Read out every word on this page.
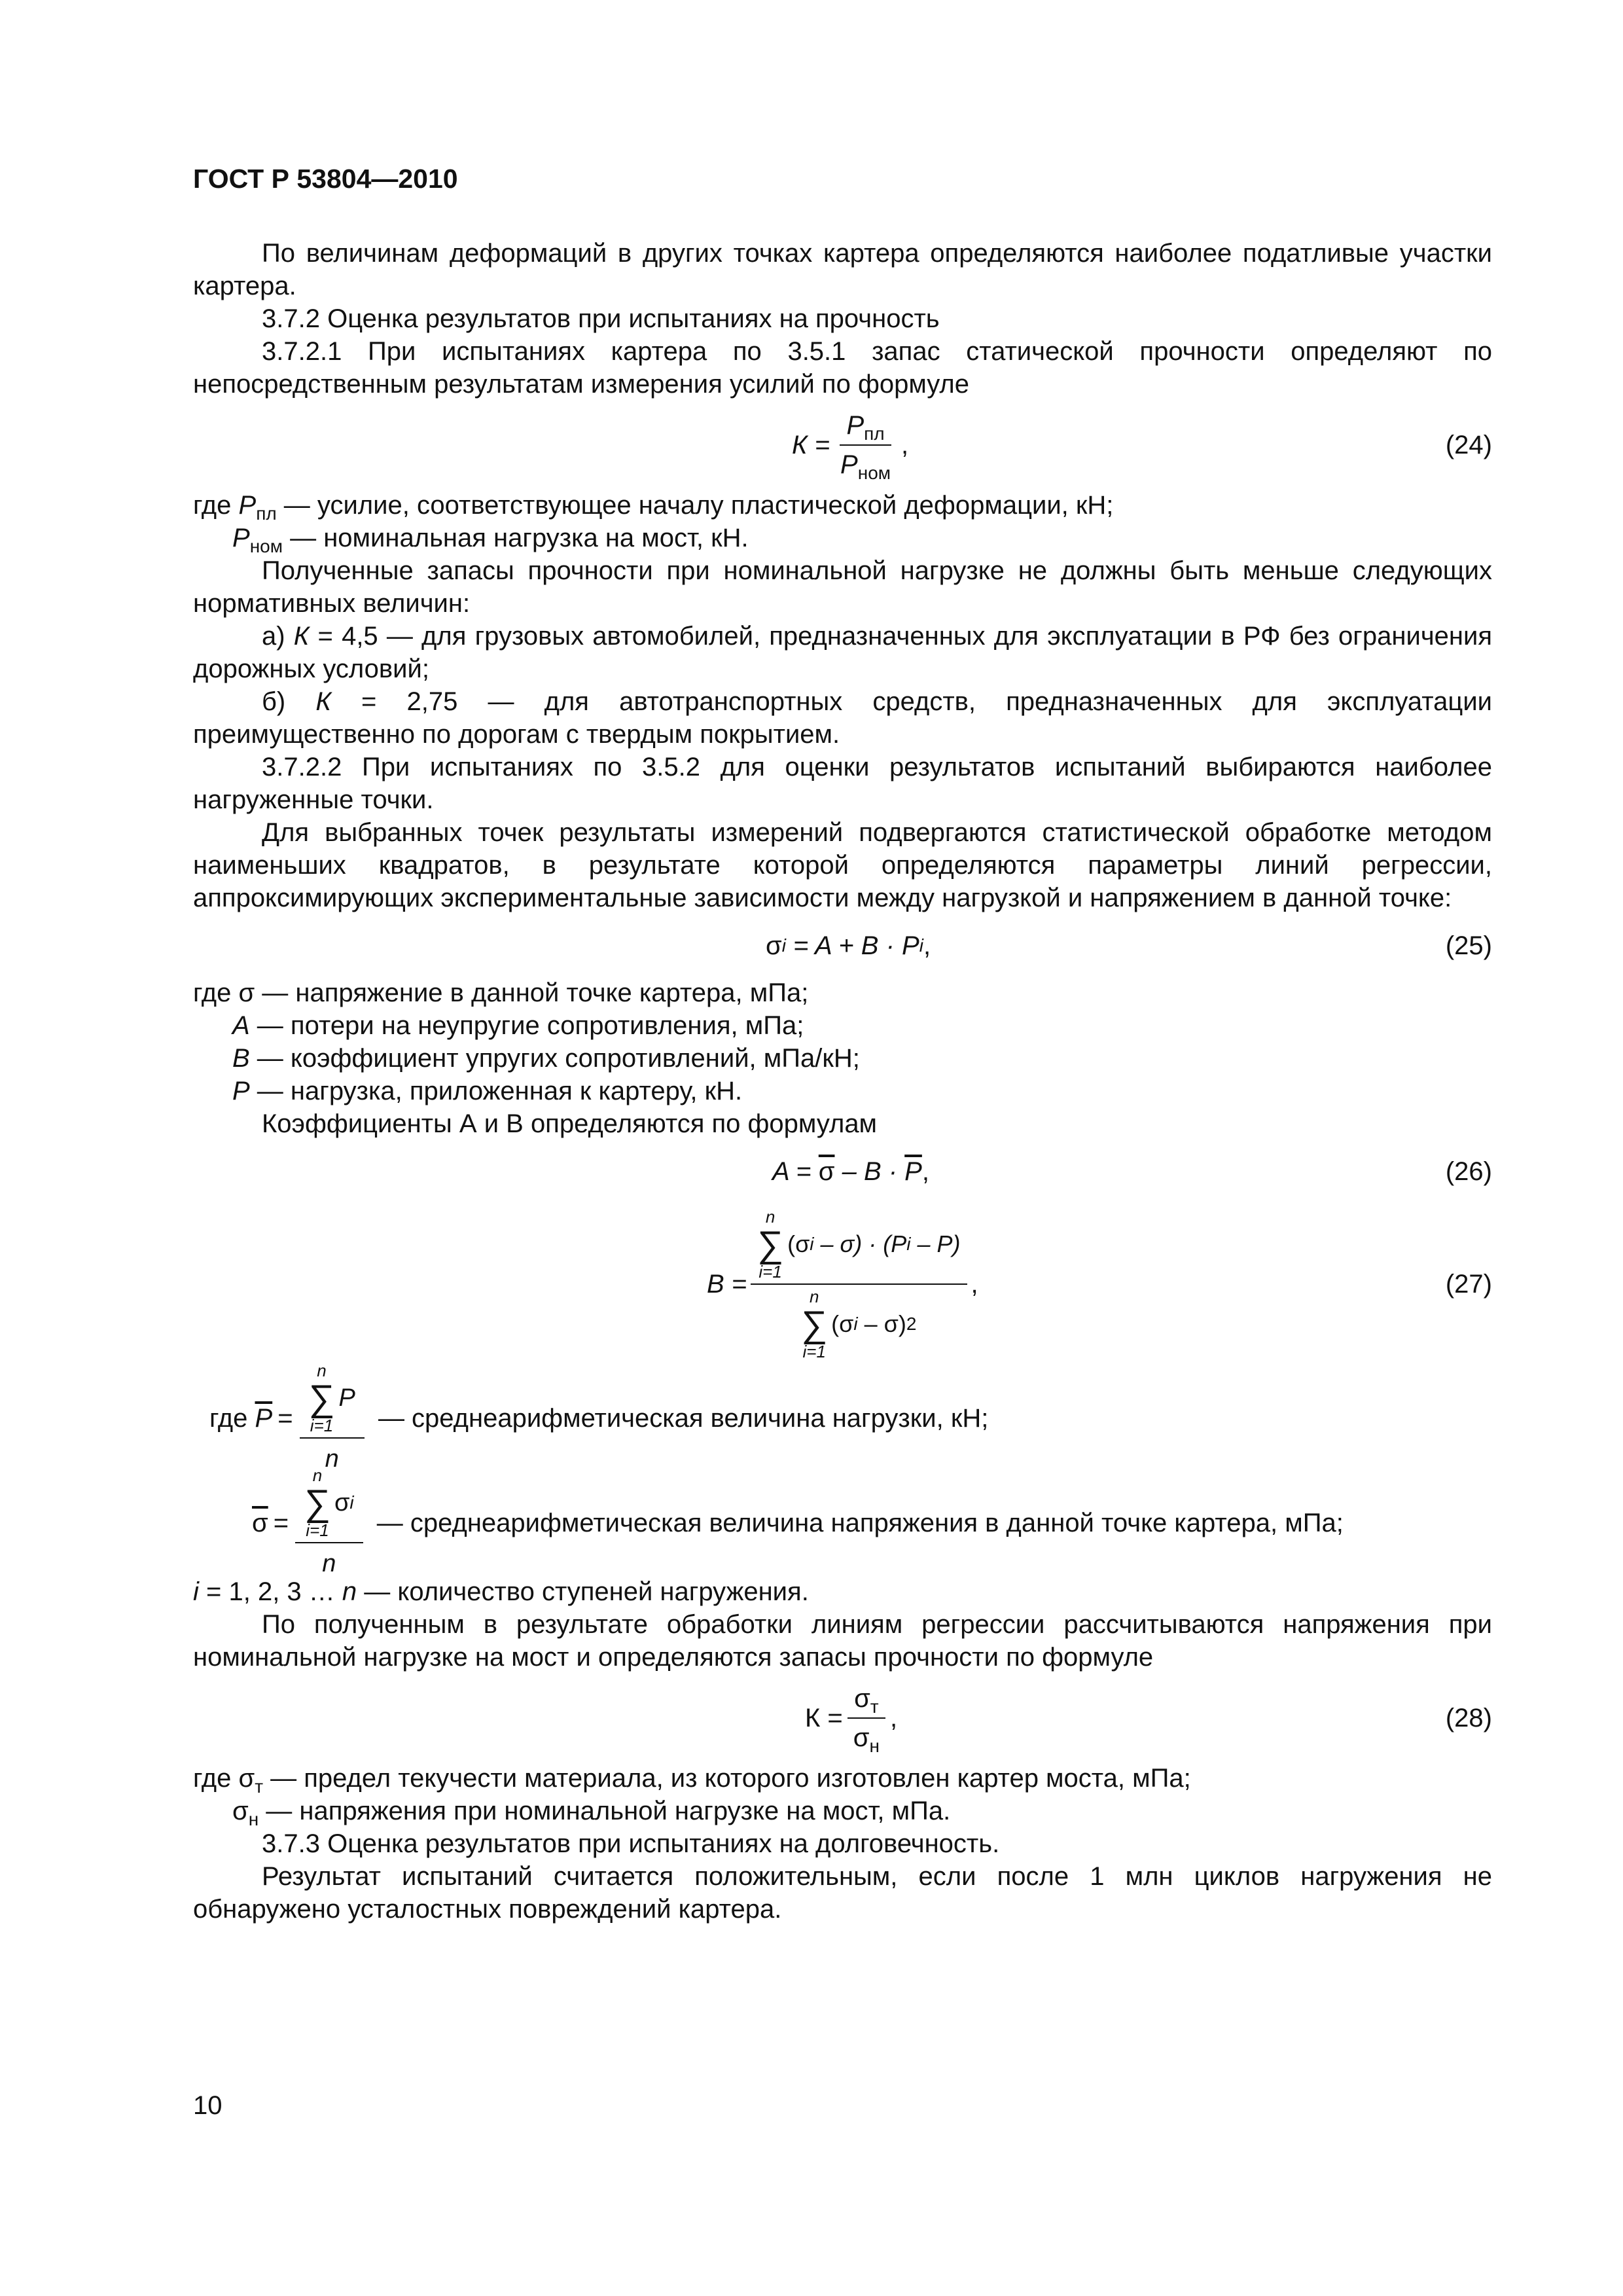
ГОСТ Р 53804—2010

По величинам деформаций в других точках картера определяются наиболее податливые участки картера.

3.7.2 Оценка результатов при испытаниях на прочность

3.7.2.1 При испытаниях картера по 3.5.1 запас статической прочности определяют по непосредственным результатам измерения усилий по формуле

$К = \frac{P_{пл}}{P_{ном}}$ ,	(24)
где $P_{пл}$ — усилие, соответствующее началу пластической деформации, кН;
$P_{ном}$ — номинальная нагрузка на мост, кН.

Полученные запасы прочности при номинальной нагрузке не должны быть меньше следующих нормативных величин:

а) К = 4,5 — для грузовых автомобилей, предназначенных для эксплуатации в РФ без ограничения дорожных условий;

б) К = 2,75 — для автотранспортных средств, предназначенных для эксплуатации преимущественно по дорогам с твердым покрытием.

3.7.2.2 При испытаниях по 3.5.2 для оценки результатов испытаний выбираются наиболее нагруженные точки.

Для выбранных точек результаты измерений подвергаются статистической обработке методом наименьших квадратов, в результате которой определяются параметры линий регрессии, аппроксимирующих экспериментальные зависимости между нагрузкой и напряжением в данной точке:

σ i = A + B · P i ,	(25)
где σ — напряжение в данной точке картера, мПа;
A — потери на неупругие сопротивления, мПа;
B — коэффициент упругих сопротивлений, мПа/кН;
P — нагрузка, приложенная к картеру, кН.

Коэффициенты А и В определяются по формулам

$A = \overline{\sigma} - B \cdot \overline{P}$ ,	(26)
B = n
∑
i=1
(σ i – σ) · (P i – P)
n
∑
i=1
(σ i – σ) 2 ,	(27)
где $\overline{P} = n$
∑
i=1
P
n — среднеарифметическая величина нагрузки, кН;
$\overline{\sigma} = n$
∑
i=1
σ i
n — среднеарифметическая величина напряжения в данной точке картера, мПа;
i = 1, 2, 3 … n — количество ступеней нагружения.

По полученным в результате обработки линиям регрессии рассчитываются напряжения при номинальной нагрузке на мост и определяются запасы прочности по формуле

$К = \frac{\sigma_т}{\sigma_н}$ ,	(28)
где $\sigma_т$ — предел текучести материала, из которого изготовлен картер моста, мПа;
$\sigma_н$ — напряжения при номинальной нагрузке на мост, мПа.

3.7.3 Оценка результатов при испытаниях на долговечность.

Результат испытаний считается положительным, если после 1 млн циклов нагружения не обнаружено усталостных повреждений картера.

10
